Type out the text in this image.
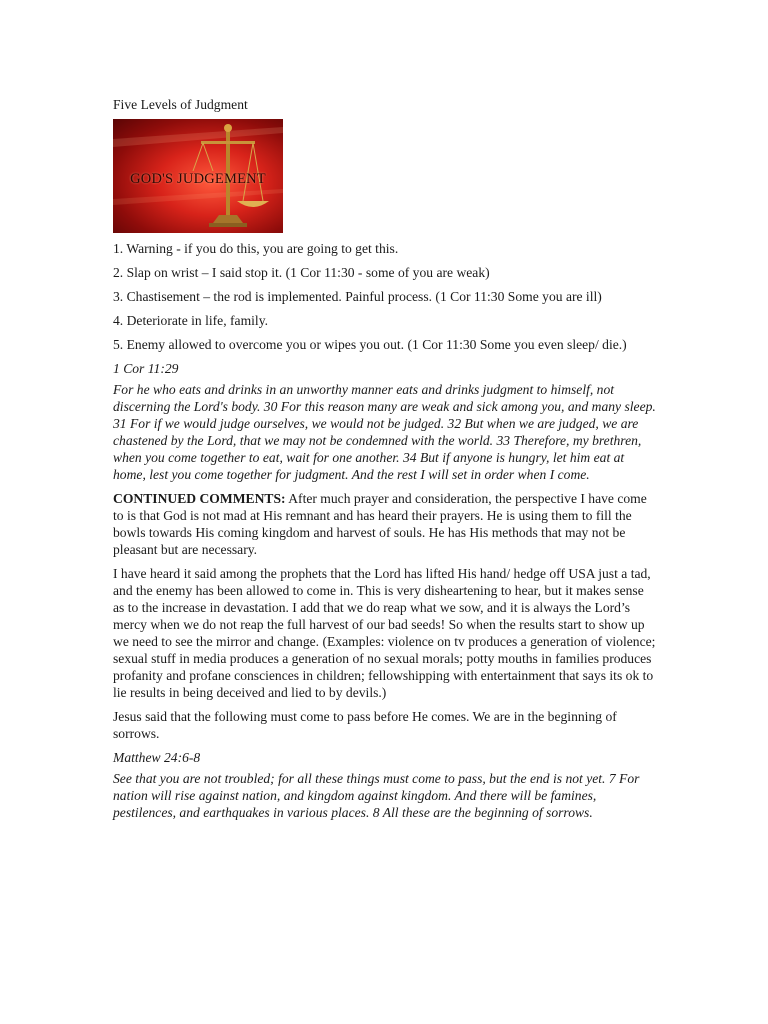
Five Levels of Judgment
GOD'S JUDGEMENT

1. Warning - if you do this, you are going to get this.

2. Slap on wrist – I said stop it. (1 Cor 11:30 - some of you are weak)

3. Chastisement – the rod is implemented. Painful process. (1 Cor 11:30 Some you are ill)

4. Deteriorate in life, family.

5. Enemy allowed to overcome you or wipes you out. (1 Cor 11:30 Some you even sleep/ die.)

1 Cor 11:29

For he who eats and drinks in an unworthy manner eats and drinks judgment to himself, not discerning the Lord's body. 30 For this reason many are weak and sick among you, and many sleep. 31 For if we would judge ourselves, we would not be judged. 32 But when we are judged, we are chastened by the Lord, that we may not be condemned with the world. 33 Therefore, my brethren, when you come together to eat, wait for one another. 34 But if anyone is hungry, let him eat at home, lest you come together for judgment. And the rest I will set in order when I come.

CONTINUED COMMENTS: After much prayer and consideration, the perspective I have come to is that God is not mad at His remnant and has heard their prayers. He is using them to fill the bowls towards His coming kingdom and harvest of souls. He has His methods that may not be pleasant but are necessary.

I have heard it said among the prophets that the Lord has lifted His hand/ hedge off USA just a tad, and the enemy has been allowed to come in. This is very disheartening to hear, but it makes sense as to the increase in devastation. I add that we do reap what we sow, and it is always the Lord’s mercy when we do not reap the full harvest of our bad seeds! So when the results start to show up we need to see the mirror and change. (Examples: violence on tv produces a generation of violence; sexual stuff in media produces a generation of no sexual morals; potty mouths in families produces profanity and profane consciences in children; fellowshipping with entertainment that says its ok to lie results in being deceived and lied to by devils.)

Jesus said that the following must come to pass before He comes. We are in the beginning of sorrows.

Matthew 24:6-8

See that you are not troubled; for all these things must come to pass, but the end is not yet. 7 For nation will rise against nation, and kingdom against kingdom. And there will be famines, pestilences, and earthquakes in various places. 8 All these are the beginning of sorrows.
